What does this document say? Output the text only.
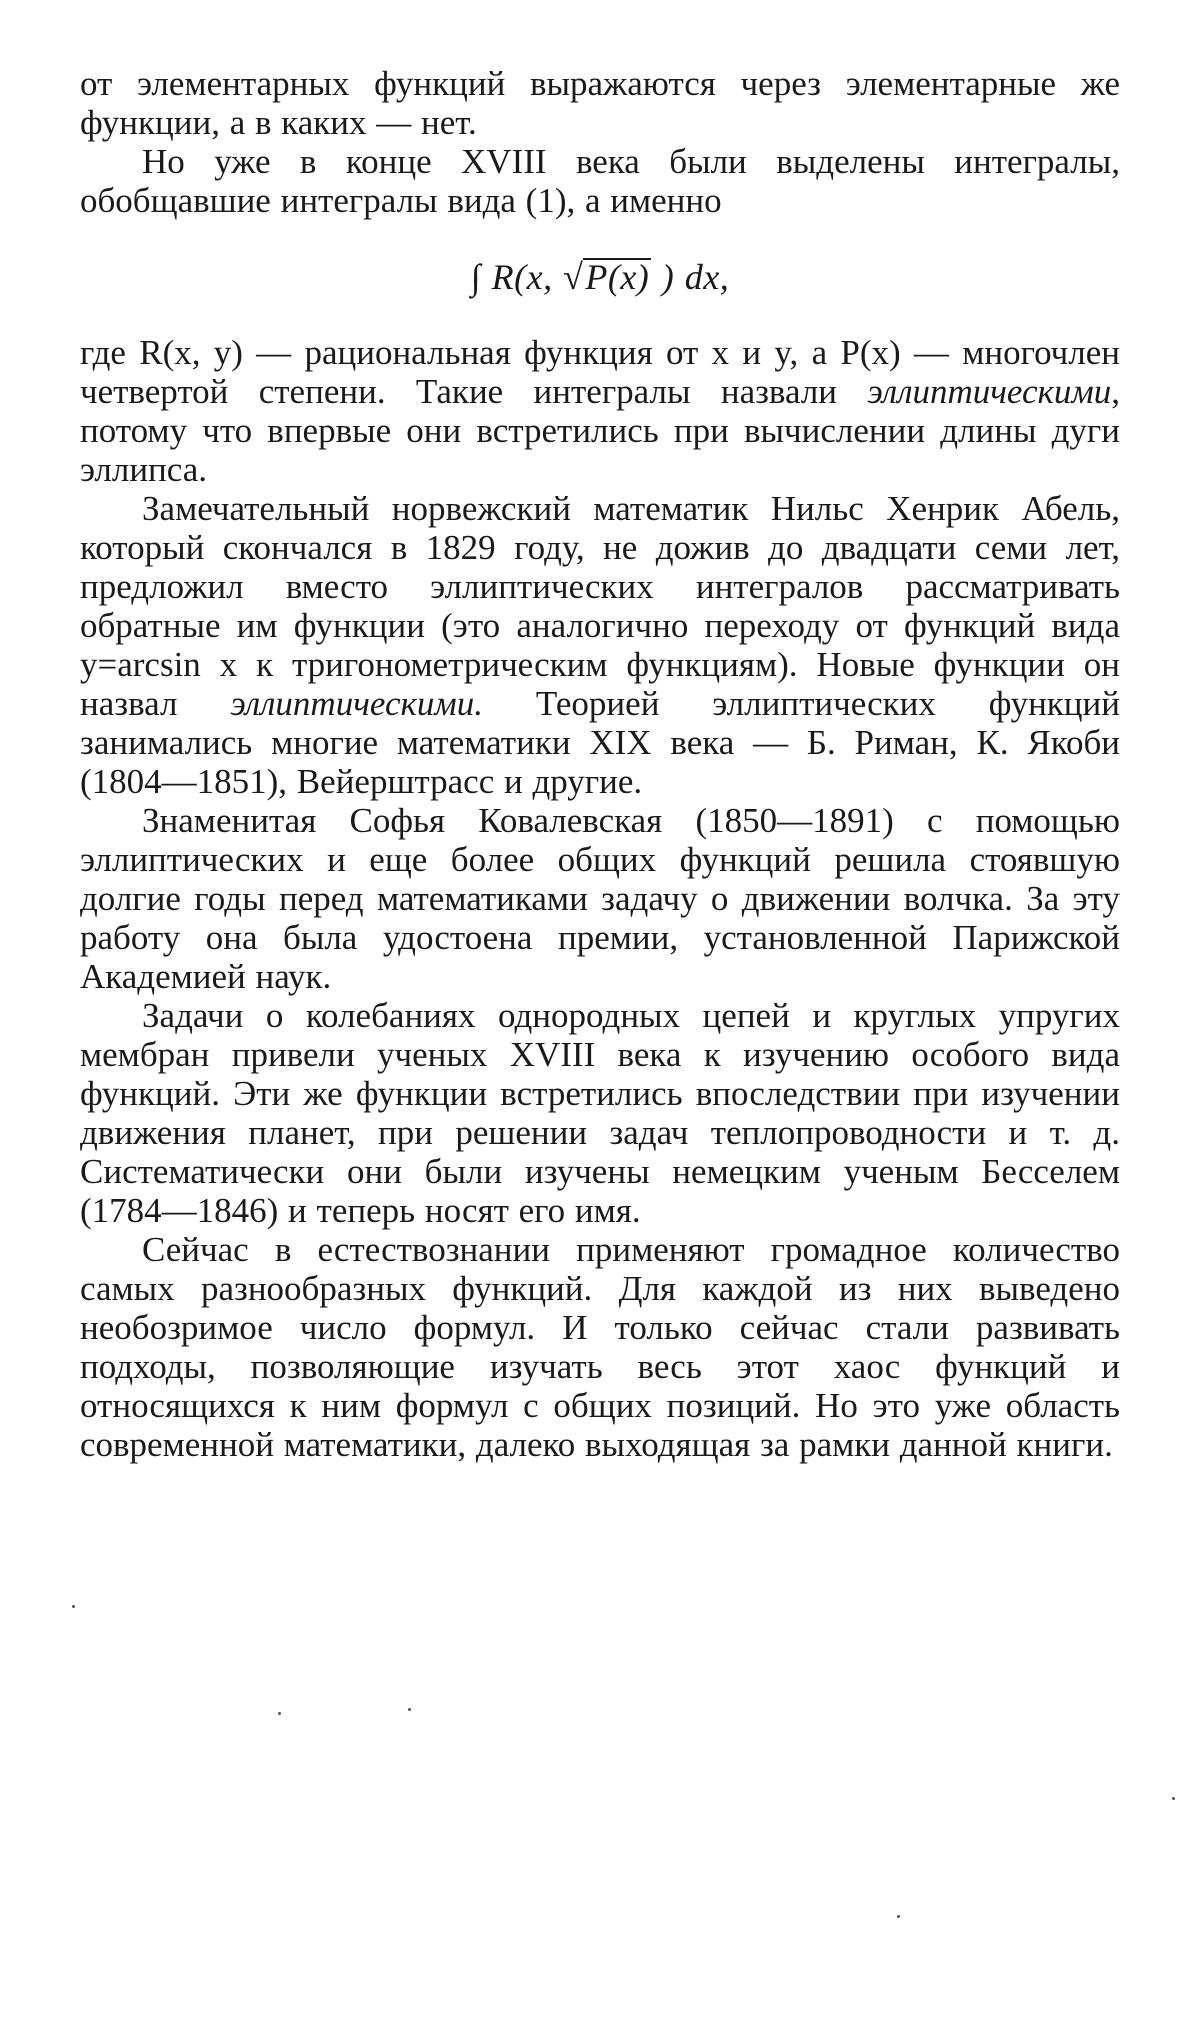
от элементарных функций выражаются через элементарные же функции, а в каких — нет.

Но уже в конце XVIII века были выделены интегралы, обобщавшие интегралы вида (1), а именно

∫ R(x, √P(x) ) dx,

где R(x, y) — рациональная функция от x и y, а P(x) — многочлен четвертой степени. Такие интегралы назвали эллиптическими, потому что впервые они встретились при вычислении длины дуги эллипса.

Замечательный норвежский математик Нильс Хенрик Абель, который скончался в 1829 году, не дожив до двадцати семи лет, предложил вместо эллиптических интегралов рассматривать обратные им функции (это аналогично переходу от функций вида y=arcsin x к тригонометрическим функциям). Новые функции он назвал эллиптическими. Теорией эллиптических функций занимались многие математики XIX века — Б. Риман, К. Якоби (1804—1851), Вейерштрасс и другие.

Знаменитая Софья Ковалевская (1850—1891) с помощью эллиптических и еще более общих функций решила стоявшую долгие годы перед математиками задачу о движении волчка. За эту работу она была удостоена премии, установленной Парижской Академией наук.

Задачи о колебаниях однородных цепей и круглых упругих мембран привели ученых XVIII века к изучению особого вида функций. Эти же функции встретились впоследствии при изучении движения планет, при решении задач теплопроводности и т. д. Систематически они были изучены немецким ученым Бесселем (1784—1846) и теперь носят его имя.

Сейчас в естествознании применяют громадное количество самых разнообразных функций. Для каждой из них выведено необозримое число формул. И только сейчас стали развивать подходы, позволяющие изучать весь этот хаос функций и относящихся к ним формул с общих позиций. Но это уже область современной математики, далеко выходящая за рамки данной книги.
